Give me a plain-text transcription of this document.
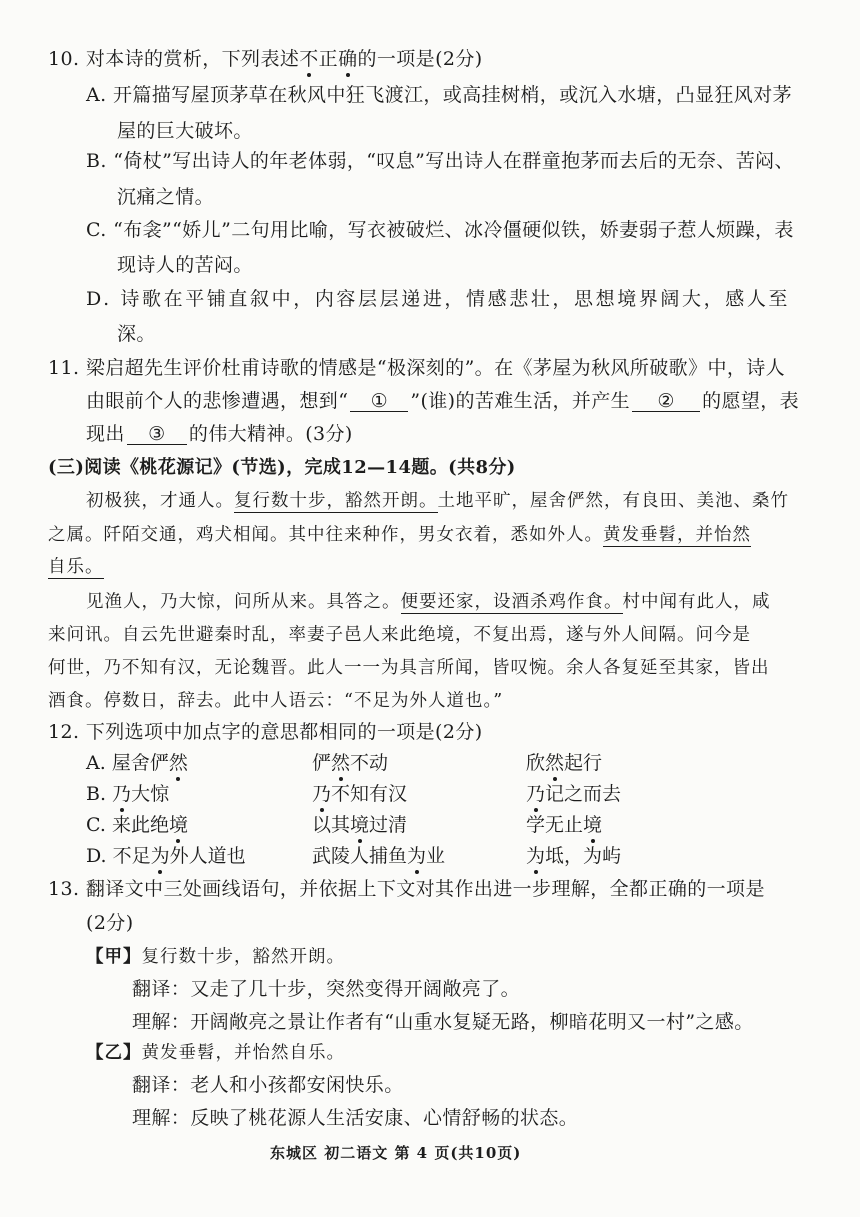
10. 对本诗的赏析，下列表述不正确的一项是(2分)
A. 开篇描写屋顶茅草在秋风中狂飞渡江，或高挂树梢，或沉入水塘，凸显狂风对茅
屋的巨大破坏。
B. “倚杖”写出诗人的年老体弱，“叹息”写出诗人在群童抱茅而去后的无奈、苦闷、
沉痛之情。
C. “布衾”“娇儿”二句用比喻，写衣被破烂、冰冷僵硬似铁，娇妻弱子惹人烦躁，表
现诗人的苦闷。
D. 诗歌在平铺直叙中，内容层层递进，情感悲壮，思想境界阔大，感人至
深。
11. 梁启超先生评价杜甫诗歌的情感是“极深刻的”。在《茅屋为秋风所破歌》中，诗人
由眼前个人的悲惨遭遇，想到“ ① ”(谁)的苦难生活，并产生 ② 的愿望，表
现出 ③ 的伟大精神。(3分)
(三)阅读《桃花源记》(节选)，完成12—14题。(共8分)
初极狭，才通人。复行数十步，豁然开朗。土地平旷，屋舍俨然，有良田、美池、桑竹
之属。阡陌交通，鸡犬相闻。其中往来种作，男女衣着，悉如外人。黄发垂髫，并怡然
自乐。
见渔人，乃大惊，问所从来。具答之。便要还家，设酒杀鸡作食。村中闻有此人，咸
来问讯。自云先世避秦时乱，率妻子邑人来此绝境，不复出焉，遂与外人间隔。问今是
何世，乃不知有汉，无论魏晋。此人一一为具言所闻，皆叹惋。余人各复延至其家，皆出
酒食。停数日，辞去。此中人语云：“不足为外人道也。”
12. 下列选项中加点字的意思都相同的一项是(2分)
A. 屋舍俨然	俨然不动	欣然起行
B. 乃大惊	乃不知有汉	乃记之而去
C. 来此绝境	以其境过清	学无止境
D. 不足为外人道也	武陵人捕鱼为业	为坻，为屿
13. 翻译文中三处画线语句，并依据上下文对其作出进一步理解，全都正确的一项是
(2分)
【甲】复行数十步，豁然开朗。
翻译：又走了几十步，突然变得开阔敞亮了。
理解：开阔敞亮之景让作者有“山重水复疑无路，柳暗花明又一村”之感。
【乙】黄发垂髫，并怡然自乐。
翻译：老人和小孩都安闲快乐。
理解：反映了桃花源人生活安康、心情舒畅的状态。
东城区 初二语文 第 4 页(共10页)
